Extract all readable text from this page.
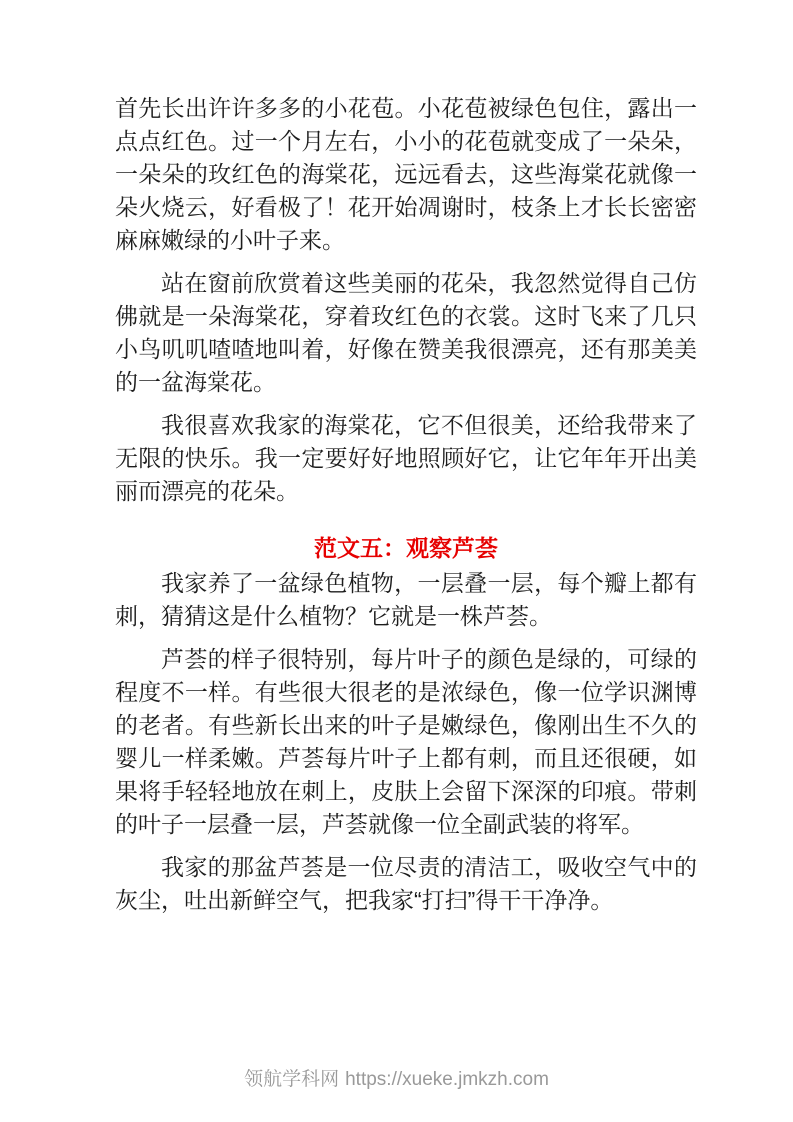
首先长出许许多多的小花苞。小花苞被绿色包住，露出一点点红色。过一个月左右，小小的花苞就变成了一朵朵，一朵朵的玫红色的海棠花，远远看去，这些海棠花就像一朵火烧云，好看极了！花开始凋谢时，枝条上才长长密密麻麻嫩绿的小叶子来。

站在窗前欣赏着这些美丽的花朵，我忽然觉得自己仿佛就是一朵海棠花，穿着玫红色的衣裳。这时飞来了几只小鸟叽叽喳喳地叫着，好像在赞美我很漂亮，还有那美美的一盆海棠花。

我很喜欢我家的海棠花，它不但很美，还给我带来了无限的快乐。我一定要好好地照顾好它，让它年年开出美丽而漂亮的花朵。

范文五：观察芦荟

我家养了一盆绿色植物，一层叠一层，每个瓣上都有刺，猜猜这是什么植物？它就是一株芦荟。

芦荟的样子很特别，每片叶子的颜色是绿的，可绿的程度不一样。有些很大很老的是浓绿色，像一位学识渊博的老者。有些新长出来的叶子是嫩绿色，像刚出生不久的婴儿一样柔嫩。芦荟每片叶子上都有刺，而且还很硬，如果将手轻轻地放在刺上，皮肤上会留下深深的印痕。带刺的叶子一层叠一层，芦荟就像一位全副武装的将军。

我家的那盆芦荟是一位尽责的清洁工，吸收空气中的灰尘，吐出新鲜空气，把我家“打扫”得干干净净。

领航学科网 https://xueke.jmkzh.com
